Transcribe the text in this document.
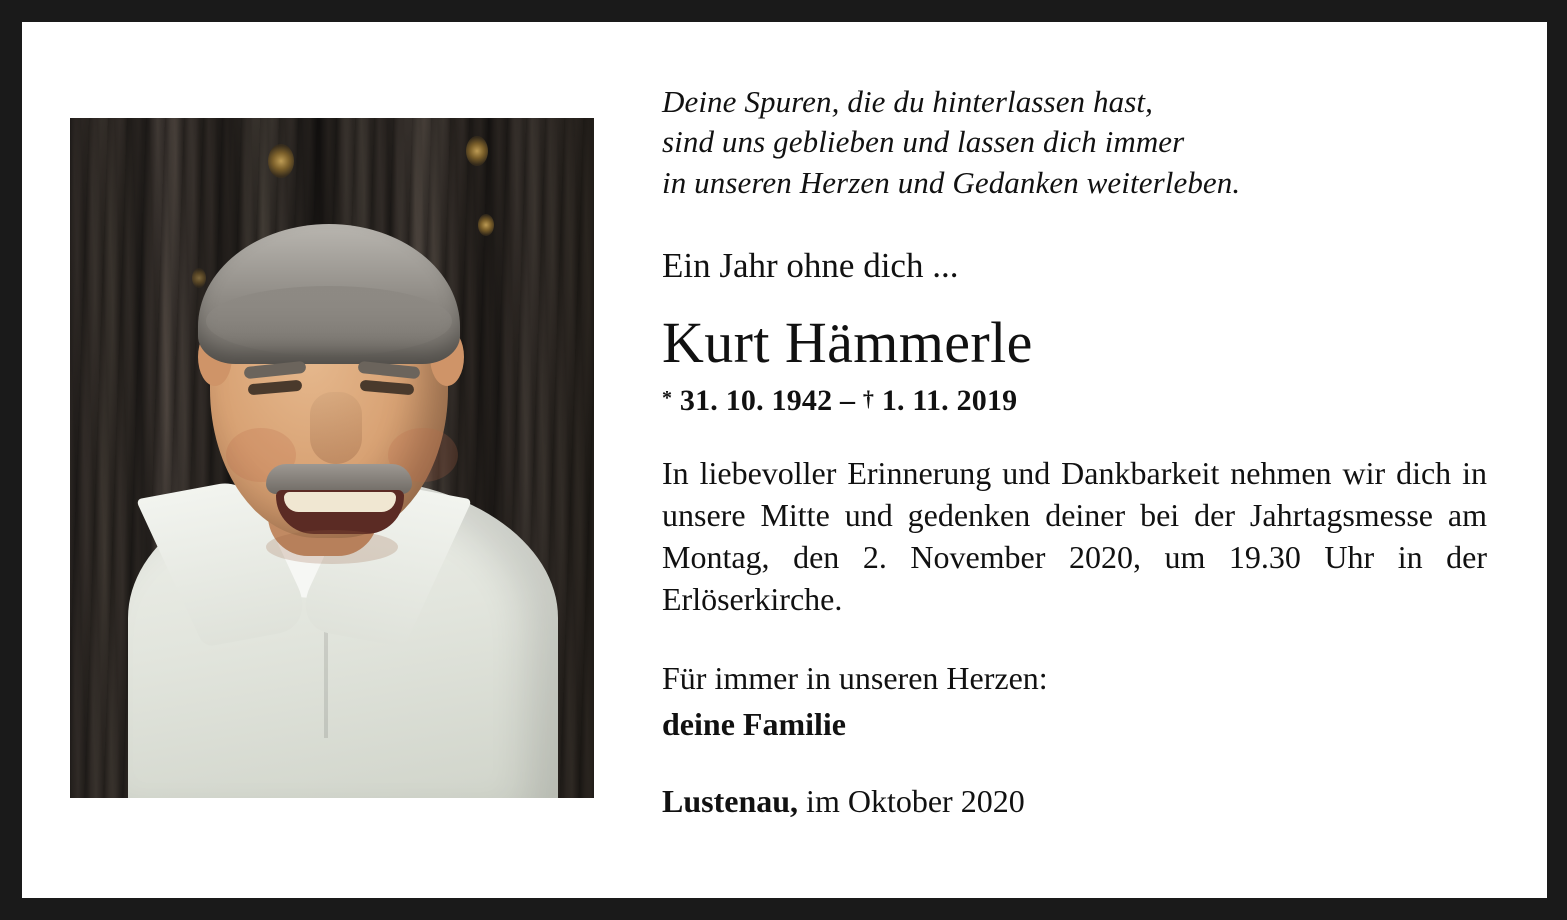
Deine Spuren, die du hinterlassen hast,
sind uns geblieben und lassen dich immer
in unseren Herzen und Gedanken weiterleben.
Ein Jahr ohne dich ...
Kurt Hämmerle
* 31. 10. 1942 – † 1. 11. 2019

In liebevoller Erinnerung und Dankbarkeit nehmen wir dich in unsere Mitte und gedenken deiner bei der Jahrtagsmesse am Montag, den 2. November 2020, um 19.30 Uhr in der Erlöserkirche.

Für immer in unseren Herzen:
deine Familie
Lustenau, im Oktober 2020
